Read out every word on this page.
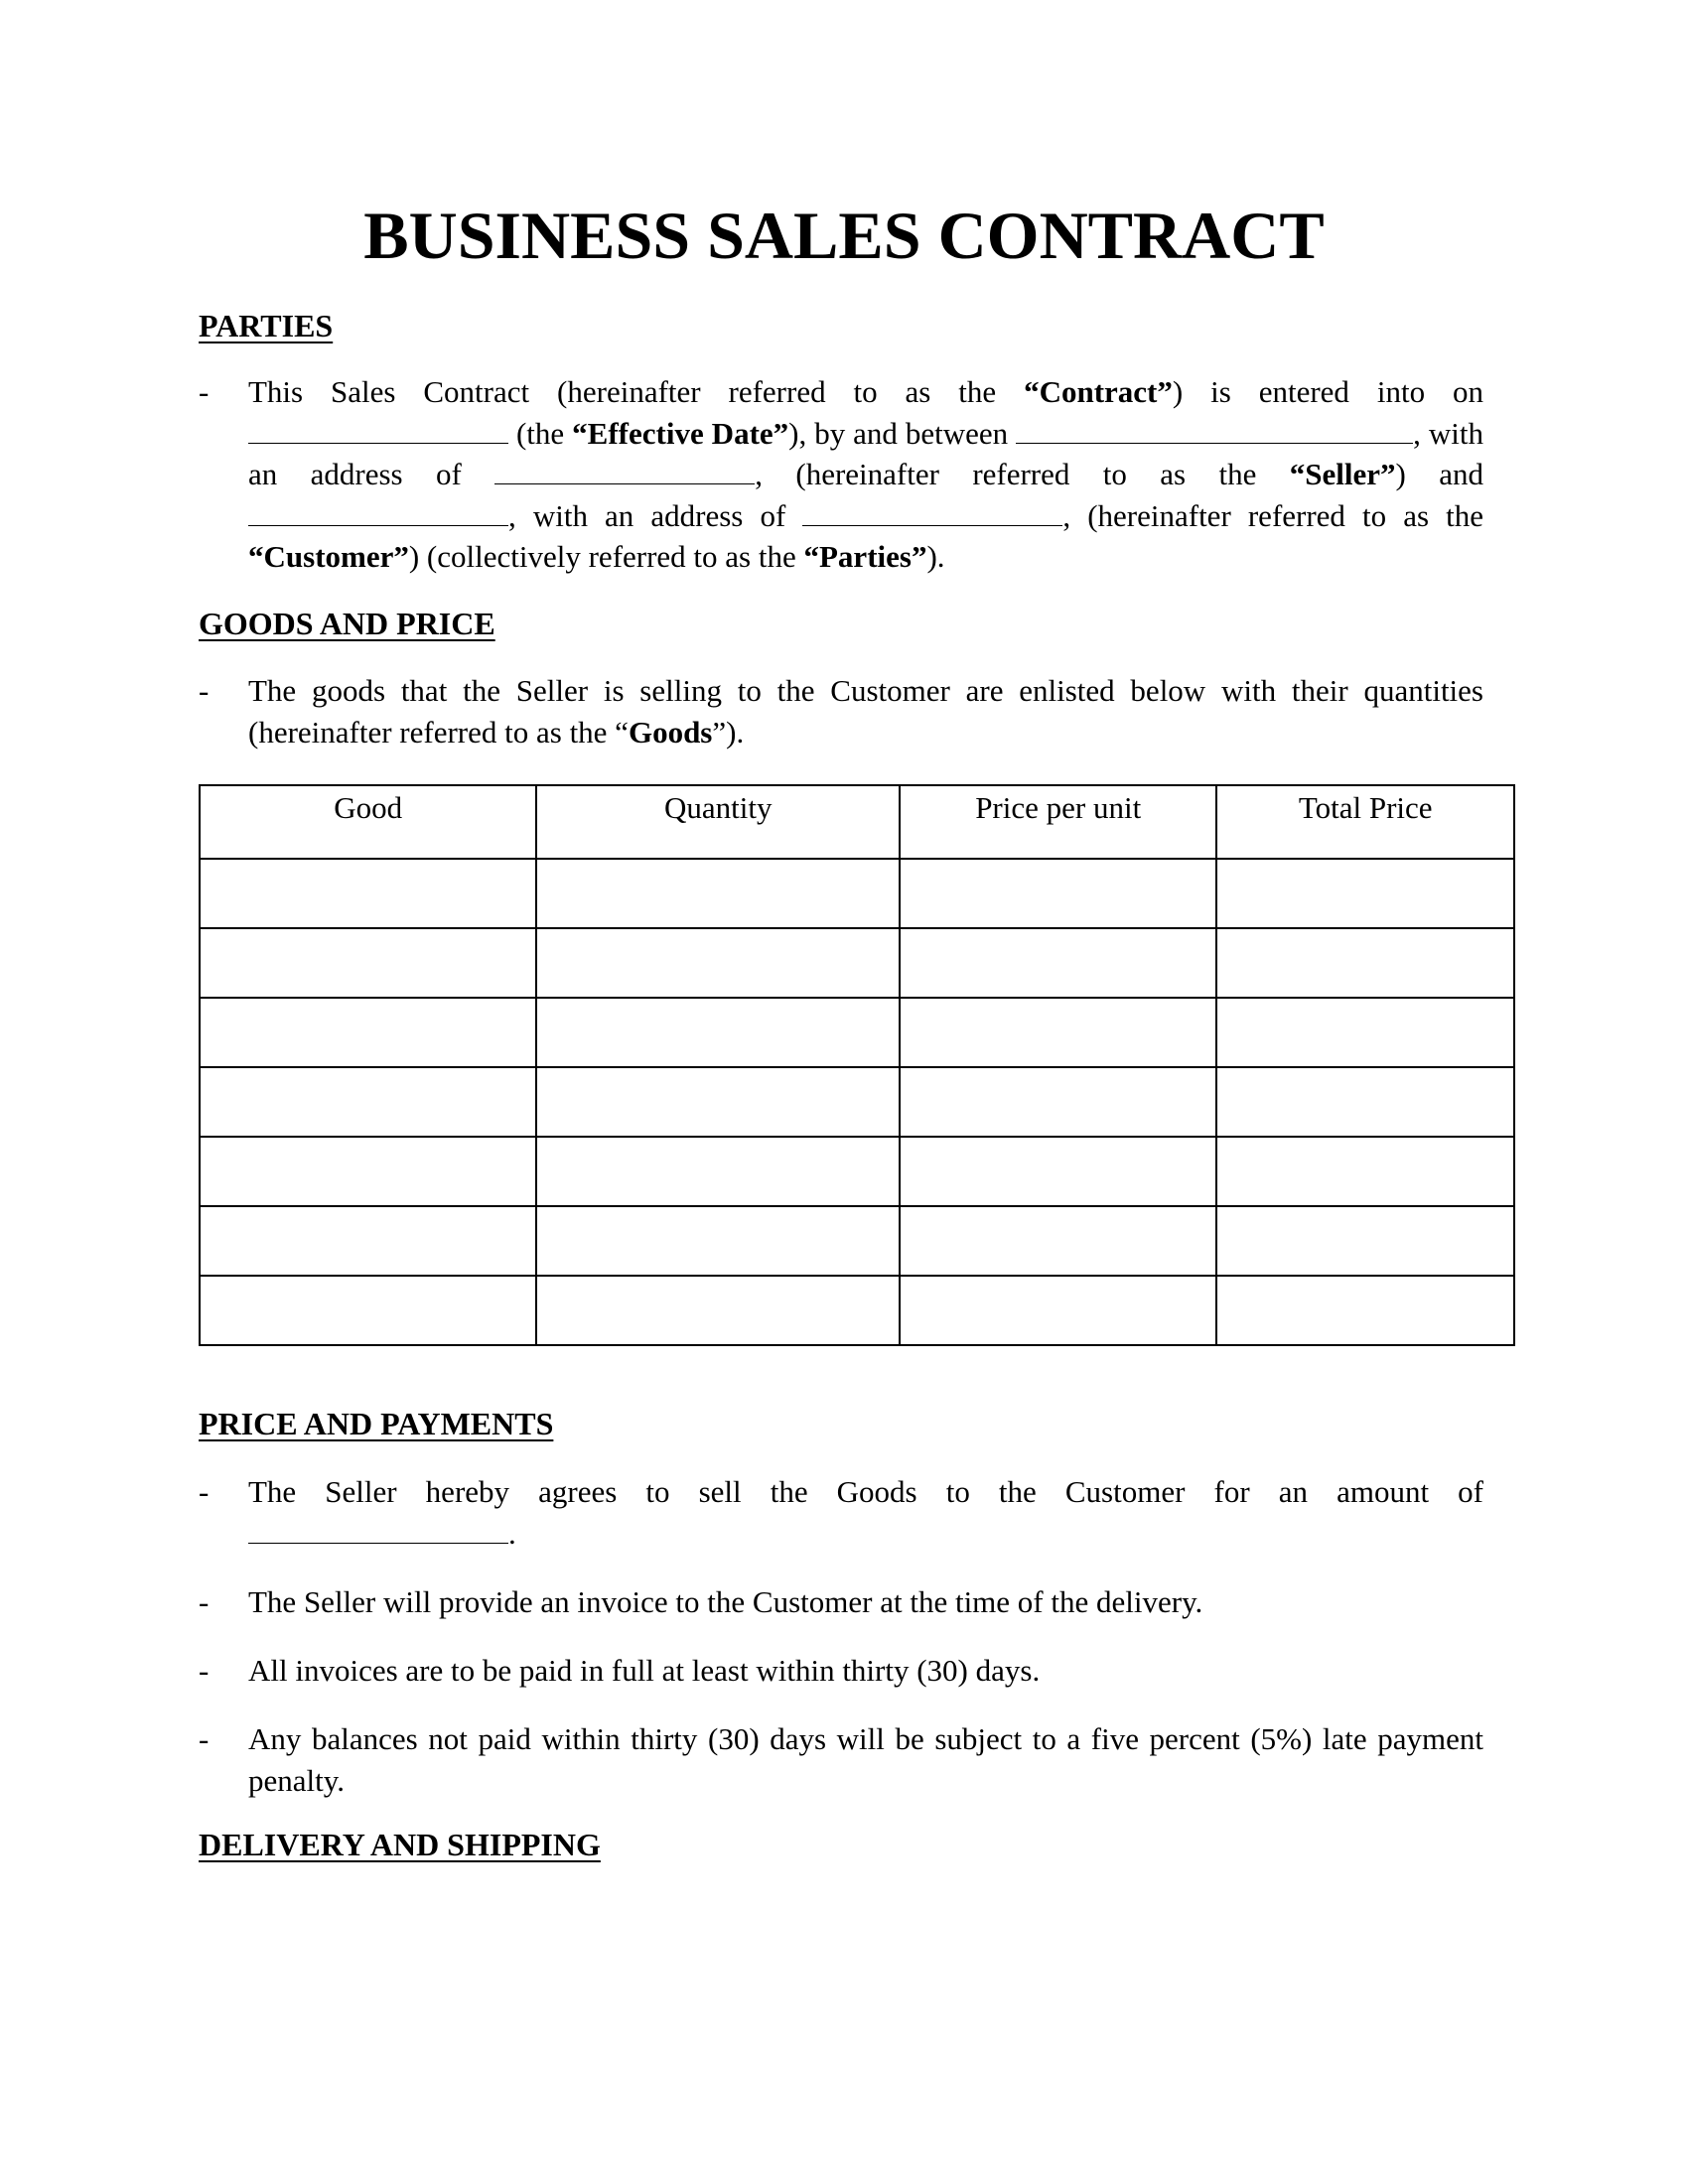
BUSINESS SALES CONTRACT
PARTIES
-	This Sales Contract (hereinafter referred to as the “Contract”) is entered into on  (the “Effective Date”), by and between	, with an address of	, (hereinafter referred to as the “Seller”) and , with an address of	, (hereinafter referred to as the “Customer”) (collectively referred to as the “Parties”).
GOODS AND PRICE
-	The goods that the Seller is selling to the Customer are enlisted below with their quantities (hereinafter referred to as the “Goods”).
Good	Quantity	Price per unit	Total Price

PRICE AND PAYMENTS
-	The Seller hereby agrees to sell the Goods to the Customer for an amount of
.
-	The Seller will provide an invoice to the Customer at the time of the delivery.
-	All invoices are to be paid in full at least within thirty (30) days.
-	Any balances not paid within thirty (30) days will be subject to a five percent (5%) late payment penalty.
DELIVERY AND SHIPPING
